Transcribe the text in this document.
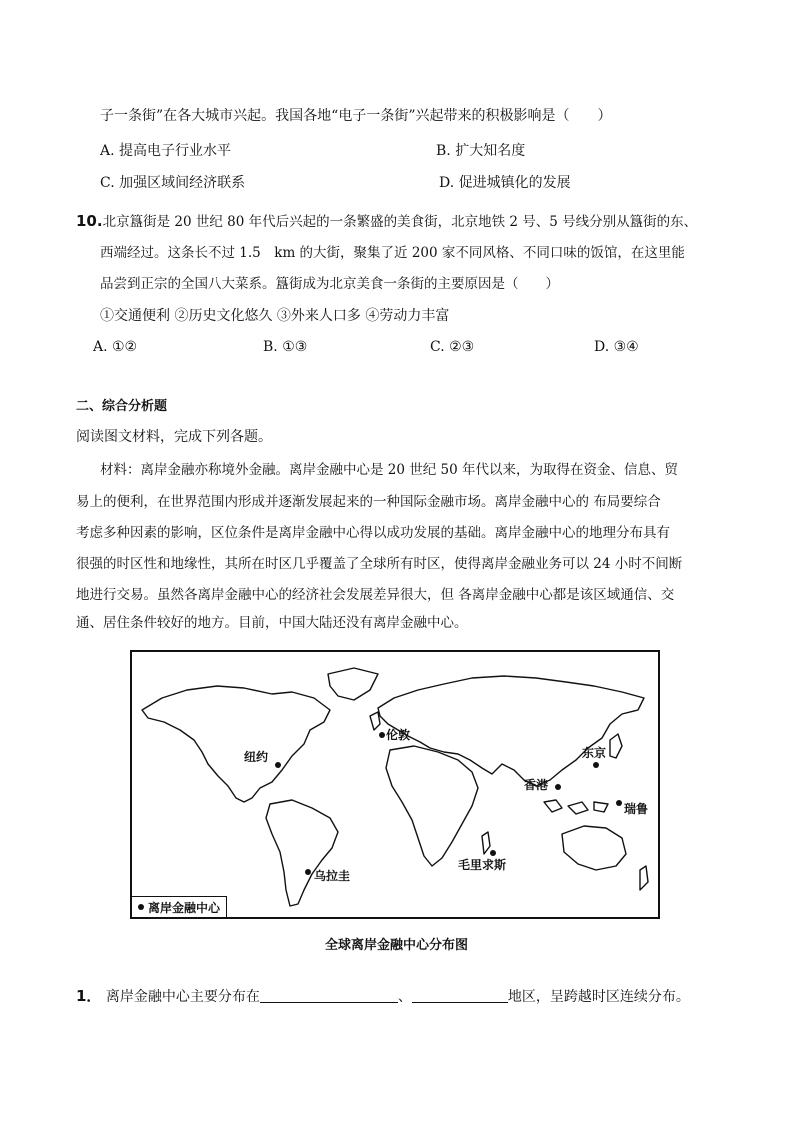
子一条街”在各大城市兴起。我国各地“电子一条街”兴起带来的积极影响是（　　）
A. 提高电子行业水平	B. 扩大知名度
C. 加强区域间经济联系	D. 促进城镇化的发展
10.北京簋街是 20 世纪 80 年代后兴起的一条繁盛的美食街，北京地铁 2 号、5 号线分别从簋街的东、
西端经过。这条长不过 1.5　km 的大街，聚集了近 200 家不同风格、不同口味的饭馆，在这里能
品尝到正宗的全国八大菜系。簋街成为北京美食一条街的主要原因是（　　）
①交通便利 ②历史文化悠久 ③外来人口多 ④劳动力丰富
A. ①②	B. ①③	C. ②③	D. ③④
二、综合分析题
阅读图文材料，完成下列各题。
材料：离岸金融亦称境外金融。离岸金融中心是 20 世纪 50 年代以来，为取得在资金、信息、贸
易上的便利，在世界范围内形成并逐渐发展起来的一种国际金融市场。离岸金融中心的 布局要综合
考虑多种因素的影响，区位条件是离岸金融中心得以成功发展的基础。离岸金融中心的地理分布具有
很强的时区性和地缘性，其所在时区几乎覆盖了全球所有时区，使得离岸金融业务可以 24 小时不间断
地进行交易。虽然各离岸金融中心的经济社会发展差异很大，但 各离岸金融中心都是该区域通信、交
通、居住条件较好的地方。目前，中国大陆还没有离岸金融中心。
伦敦
纽约	东京
香港
瑞鲁
乌拉圭
毛里求斯
离岸金融中心
全球离岸金融中心分布图
1． 离岸金融中心主要分布在	、	地区，呈跨越时区连续分布。
